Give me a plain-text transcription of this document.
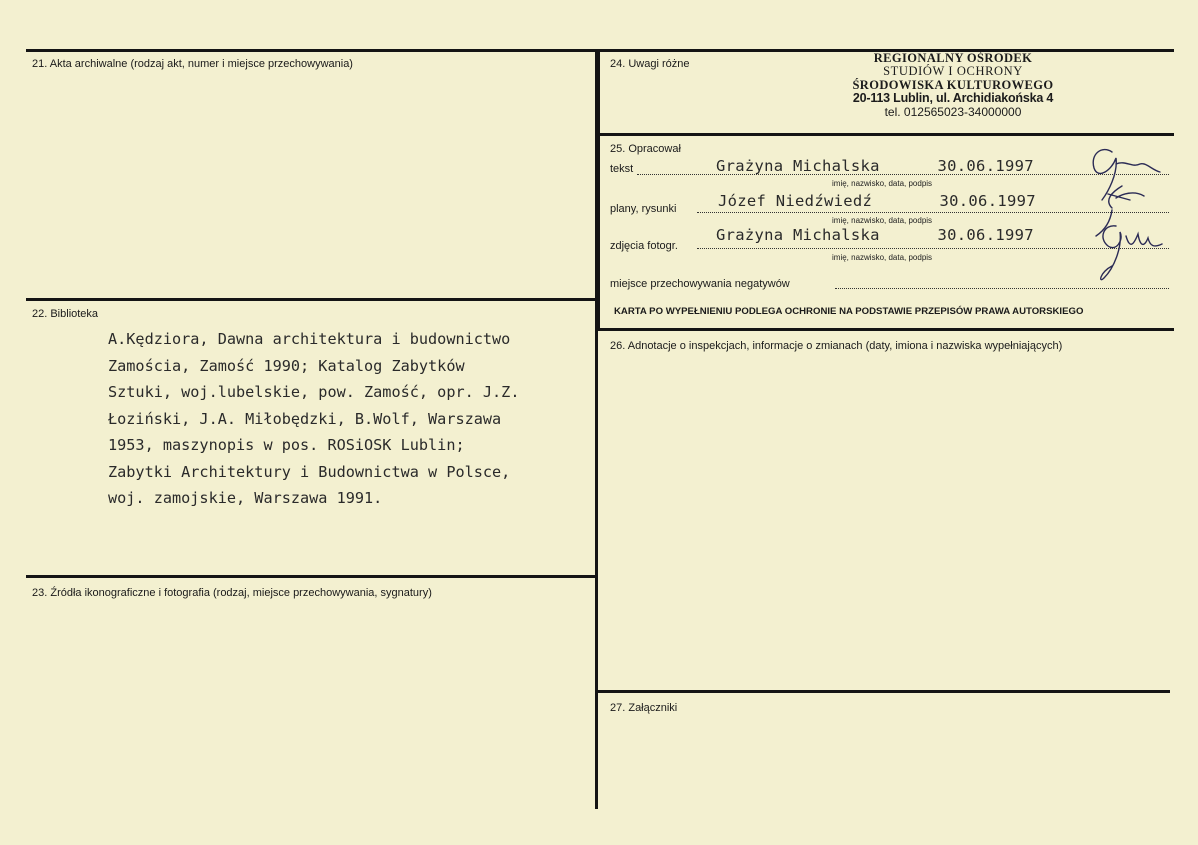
21. Akta archiwalne (rodzaj akt, numer i miejsce przechowywania)
22. Biblioteka
23. Źródła ikonograficzne i fotografia (rodzaj, miejsce przechowywania, sygnatury)
24. Uwagi różne
25. Opracował
26. Adnotacje o inspekcjach, informacje o zmianach (daty, imiona i nazwiska wypełniających)
27. Załączniki
A.Kędziora, Dawna architektura i budownictwo
Zamościa, Zamość 1990; Katalog Zabytków
Sztuki, woj.lubelskie, pow. Zamość, opr. J.Z.
Łoziński, J.A. Miłobędzki, B.Wolf, Warszawa
1953, maszynopis w pos. ROSiOSK Lublin;
Zabytki Architektury i Budownictwa w Polsce,
woj. zamojskie, Warszawa 1991.
REGIONALNY OŚRODEK
STUDIÓW I OCHRONY
ŚRODOWISKA KULTUROWEGO
20-113 Lublin, ul. Archidiakońska 4
tel. 012565023-34000000
tekst	Grażyna Michalska      30.06.1997
imię, nazwisko, data, podpis
plany, rysunki	Józef Niedźwiedź       30.06.1997
imię, nazwisko, data, podpis
zdjęcia fotogr.
Grażyna Michalska      30.06.1997
imię, nazwisko, data, podpis
miejsce przechowywania negatywów
KARTA PO WYPEŁNIENIU PODLEGA OCHRONIE NA PODSTAWIE PRZEPISÓW PRAWA AUTORSKIEGO
